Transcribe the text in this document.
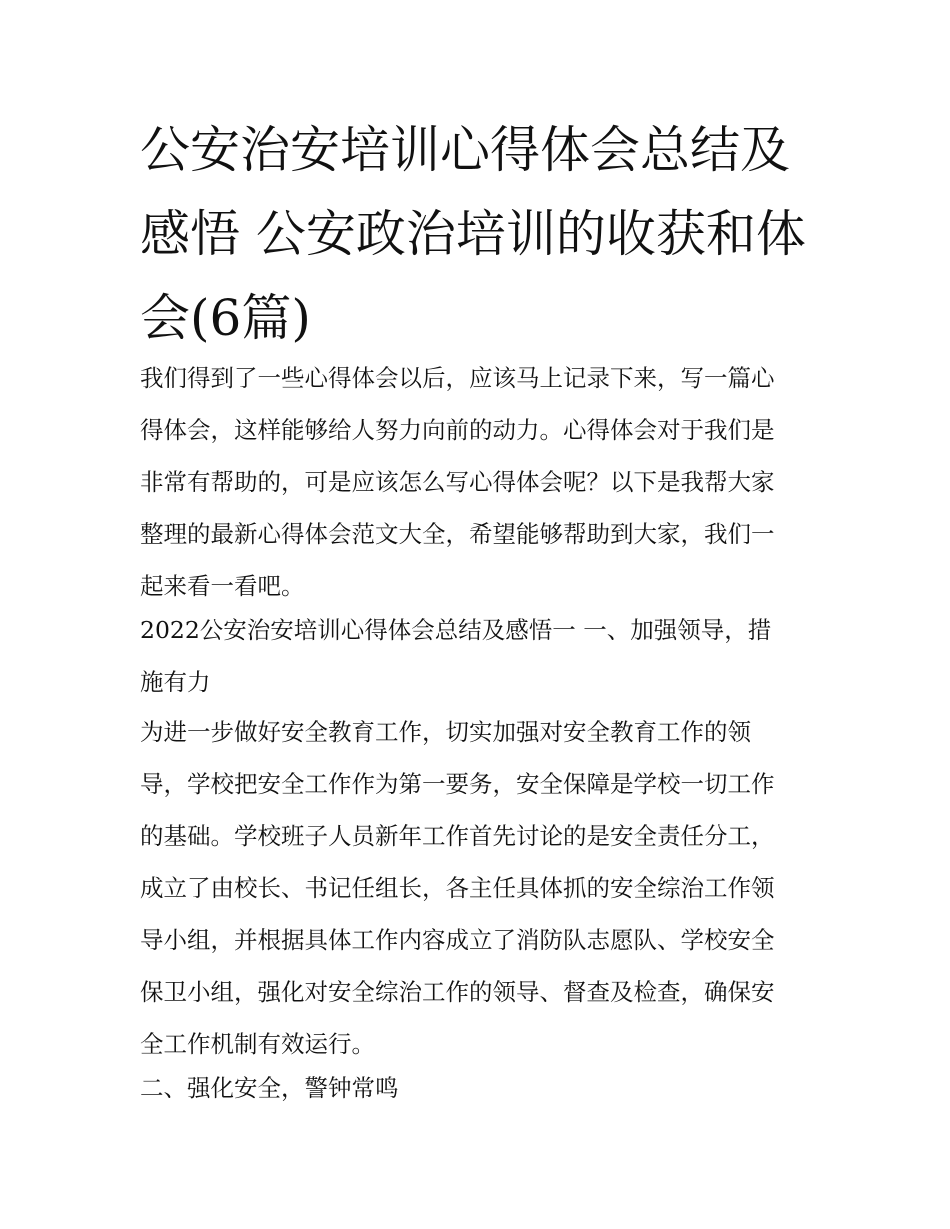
公安治安培训心得体会总结及
感悟 公安政治培训的收获和体
会(6篇)

我们得到了一些心得体会以后，应该马上记录下来，写一篇心
得体会，这样能够给人努力向前的动力。心得体会对于我们是
非常有帮助的，可是应该怎么写心得体会呢？以下是我帮大家
整理的最新心得体会范文大全，希望能够帮助到大家，我们一
起来看一看吧。

2022公安治安培训心得体会总结及感悟一 一、加强领导，措
施有力

为进一步做好安全教育工作，切实加强对安全教育工作的领
导，学校把安全工作作为第一要务，安全保障是学校一切工作
的基础。学校班子人员新年工作首先讨论的是安全责任分工，
成立了由校长、书记任组长，各主任具体抓的安全综治工作领
导小组，并根据具体工作内容成立了消防队志愿队、学校安全
保卫小组，强化对安全综治工作的领导、督查及检查，确保安
全工作机制有效运行。

二、强化安全，警钟常鸣
